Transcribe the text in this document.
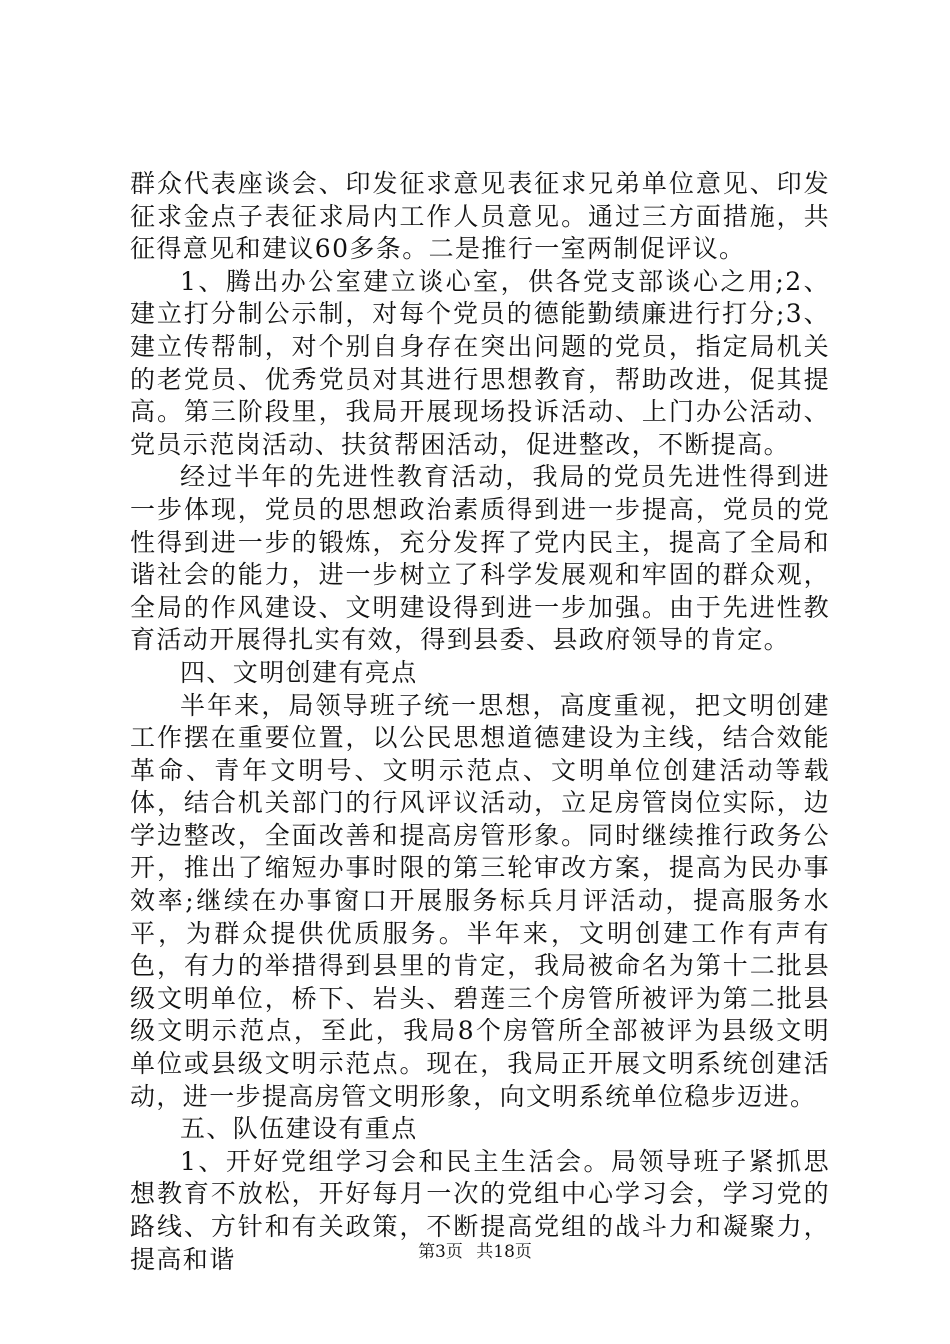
群众代表座谈会、印发征求意见表征求兄弟单位意见、印发征求金点子表征求局内工作人员意见。通过三方面措施，共征得意见和建议60多条。二是推行一室两制促评议。

1、腾出办公室建立谈心室，供各党支部谈心之用;2、建立打分制公示制，对每个党员的德能勤绩廉进行打分;3、建立传帮制，对个别自身存在突出问题的党员，指定局机关的老党员、优秀党员对其进行思想教育，帮助改进，促其提高。第三阶段里，我局开展现场投诉活动、上门办公活动、党员示范岗活动、扶贫帮困活动，促进整改，不断提高。

经过半年的先进性教育活动，我局的党员先进性得到进一步体现，党员的思想政治素质得到进一步提高，党员的党性得到进一步的锻炼，充分发挥了党内民主，提高了全局和谐社会的能力，进一步树立了科学发展观和牢固的群众观，全局的作风建设、文明建设得到进一步加强。由于先进性教育活动开展得扎实有效，得到县委、县政府领导的肯定。

四、文明创建有亮点

半年来，局领导班子统一思想，高度重视，把文明创建工作摆在重要位置，以公民思想道德建设为主线，结合效能革命、青年文明号、文明示范点、文明单位创建活动等载体，结合机关部门的行风评议活动，立足房管岗位实际，边学边整改，全面改善和提高房管形象。同时继续推行政务公开，推出了缩短办事时限的第三轮审改方案，提高为民办事效率;继续在办事窗口开展服务标兵月评活动，提高服务水平，为群众提供优质服务。半年来，文明创建工作有声有色，有力的举措得到县里的肯定，我局被命名为第十二批县级文明单位，桥下、岩头、碧莲三个房管所被评为第二批县级文明示范点，至此，我局8个房管所全部被评为县级文明单位或县级文明示范点。现在，我局正开展文明系统创建活动，进一步提高房管文明形象，向文明系统单位稳步迈进。

五、队伍建设有重点

1、开好党组学习会和民主生活会。局领导班子紧抓思想教育不放松，开好每月一次的党组中心学习会，学习党的路线、方针和有关政策，不断提高党组的战斗力和凝聚力，提高和谐	第3页 共18页
